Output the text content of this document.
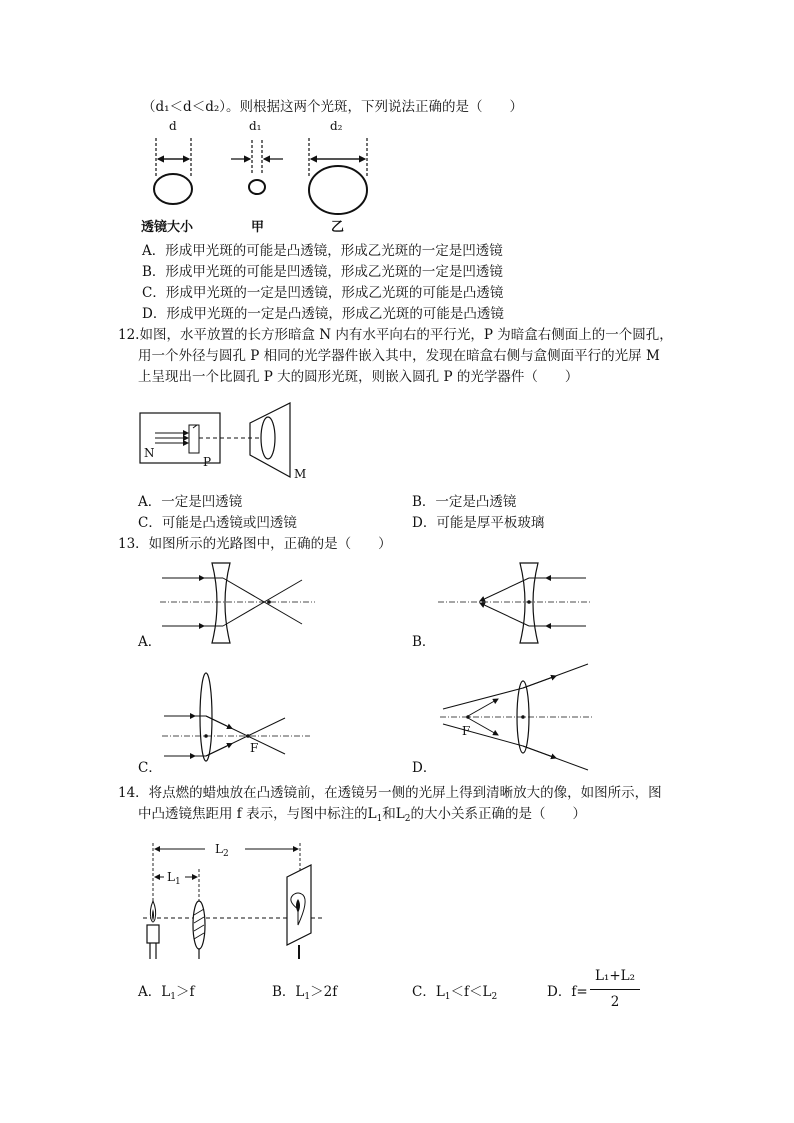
（d₁＜d＜d₂）。则根据这两个光斑，下列说法正确的是（　　）
d	d₁	d₂
透镜大小	甲	乙
A．形成甲光斑的可能是凸透镜，形成乙光斑的一定是凹透镜
B．形成甲光斑的可能是凹透镜，形成乙光斑的一定是凹透镜
C．形成甲光斑的一定是凹透镜，形成乙光斑的可能是凸透镜
D．形成甲光斑的一定是凸透镜，形成乙光斑的可能是凸透镜
12.如图，水平放置的长方形暗盒 N 内有水平向右的平行光，P 为暗盒右侧面上的一个圆孔，
用一个外径与圆孔 P 相同的光学器件嵌入其中，发现在暗盒右侧与盒侧面平行的光屏 M
上呈现出一个比圆孔 P 大的圆形光斑，则嵌入圆孔 P 的光学器件（　　）
N
P
M
A．一定是凹透镜	B．一定是凸透镜
C．可能是凸透镜或凹透镜	D．可能是厚平板玻璃
13．如图所示的光路图中，正确的是（　　）
A．	B．
F
C．
F
D．
14．将点燃的蜡烛放在凸透镜前，在透镜另一侧的光屏上得到清晰放大的像，如图所示，图
中凸透镜焦距用 f 表示，与图中标注的$L_1$和$L_2$的大小关系正确的是（　　）
$L_2$
$L_1$
A．$L_1>f$	B．$L_1>2f$	C．$L_1<f<L_2$	D．f=
L₁+L₂
2
